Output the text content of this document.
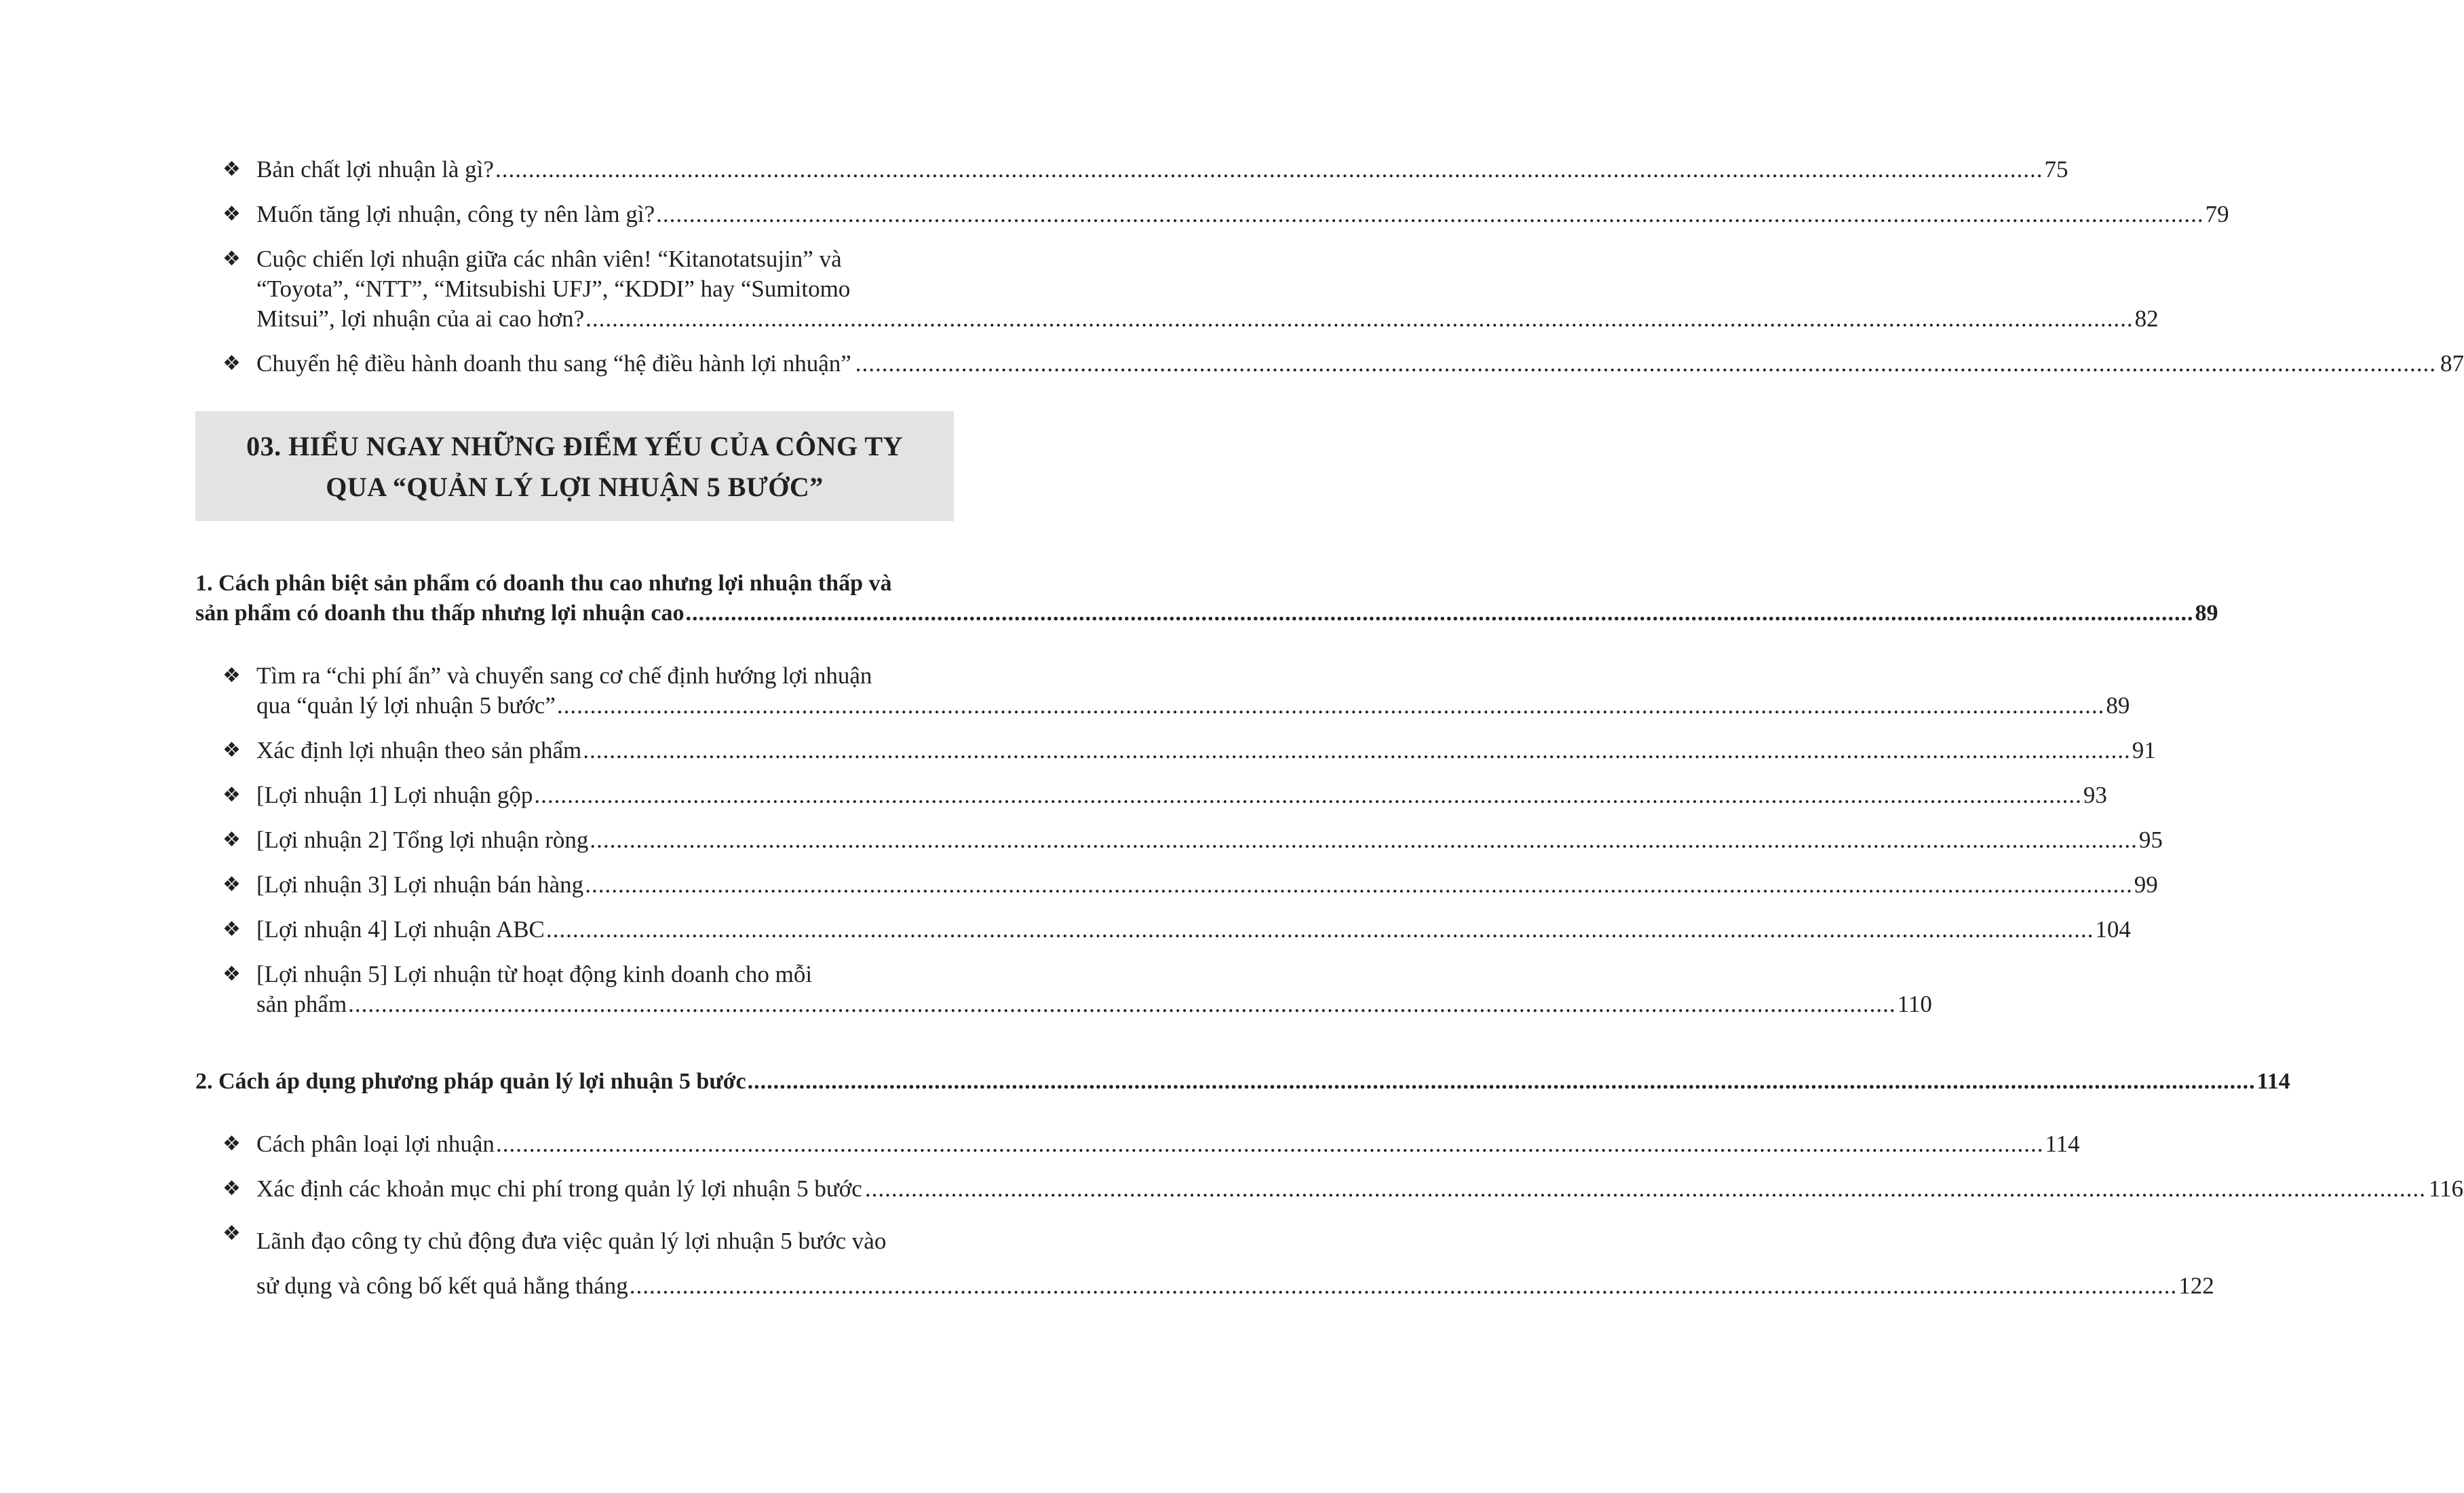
❖ Bản chất lợi nhuận là gì? .....	75
❖ Muốn tăng lợi nhuận, công ty nên làm gì? .....	79
❖ Cuộc chiến lợi nhuận giữa các nhân viên! “Kitanotatsujin” và
“Toyota”, “NTT”, “Mitsubishi UFJ”, “KDDI” hay “Sumitomo
Mitsui”, lợi nhuận của ai cao hơn? .....	82
❖ Chuyển hệ điều hành doanh thu sang “hệ điều hành lợi nhuận”	..... ..... 87
03. HIỂU NGAY NHỮNG ĐIỂM YẾU CỦA CÔNG TY
QUA “QUẢN LÝ LỢI NHUẬN 5 BƯỚC”
1. Cách phân biệt sản phẩm có doanh thu cao nhưng lợi nhuận thấp và
sản phẩm có doanh thu thấp nhưng lợi nhuận cao .....	89
❖ Tìm ra “chi phí ẩn” và chuyển sang cơ chế định hướng lợi nhuận
qua “quản lý lợi nhuận 5 bước” .....	89
❖ Xác định lợi nhuận theo sản phẩm .....	91
❖ [Lợi nhuận 1] Lợi nhuận gộp .....	93
❖ [Lợi nhuận 2] Tổng lợi nhuận ròng .....	95
❖ [Lợi nhuận 3] Lợi nhuận bán hàng .....	99
❖ [Lợi nhuận 4] Lợi nhuận ABC .....	104
❖ [Lợi nhuận 5] Lợi nhuận từ hoạt động kinh doanh cho mỗi
sản phẩm .....	110
2. Cách áp dụng phương pháp quản lý lợi nhuận 5 bước .....	114
❖ Cách phân loại lợi nhuận .....	114
❖ Xác định các khoản mục chi phí trong quản lý lợi nhuận 5 bước	..... .. 116
❖ Lãnh đạo công ty chủ động đưa việc quản lý lợi nhuận 5 bước vào
sử dụng và công bố kết quả hằng tháng .....	122
